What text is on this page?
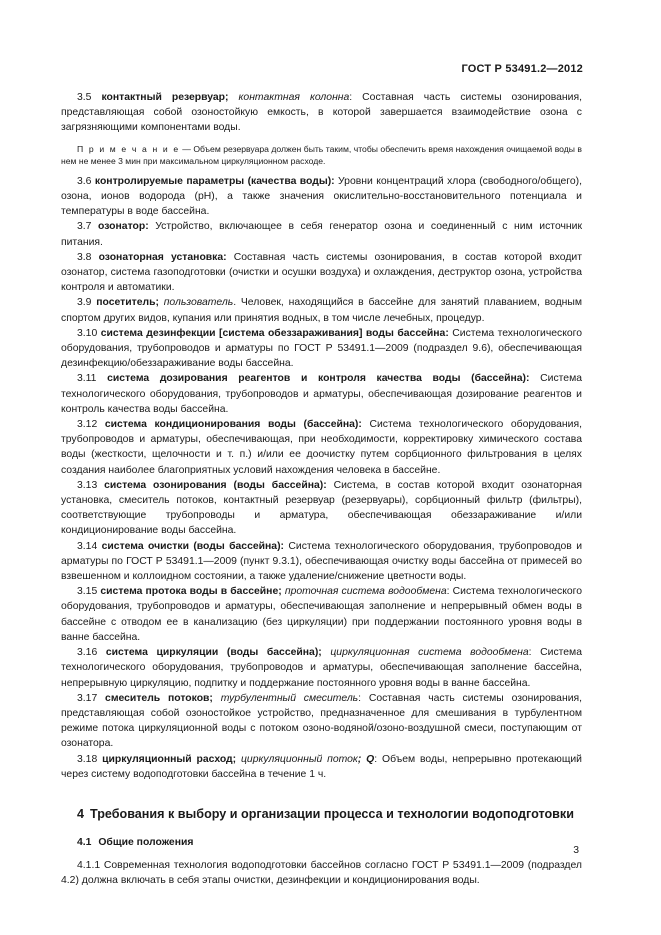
ГОСТ Р 53491.2—2012

3.5 контактный резервуар; контактная колонна: Составная часть системы озонирования, представляющая собой озоностойкую емкость, в которой завершается взаимодействие озона с загрязняющими компонентами воды.

П р и м е ч а н и е — Объем резервуара должен быть таким, чтобы обеспечить время нахождения очищаемой воды в нем не менее 3 мин при максимальном циркуляционном расходе.

3.6 контролируемые параметры (качества воды): Уровни концентраций хлора (свободного/общего), озона, ионов водорода (pH), а также значения окислительно-восстановительного потенциала и температуры в воде бассейна.

3.7 озонатор: Устройство, включающее в себя генератор озона и соединенный с ним источник питания.

3.8 озонаторная установка: Составная часть системы озонирования, в состав которой входит озонатор, система газоподготовки (очистки и осушки воздуха) и охлаждения, деструктор озона, устройства контроля и автоматики.

3.9 посетитель; пользователь. Человек, находящийся в бассейне для занятий плаванием, водным спортом других видов, купания или принятия водных, в том числе лечебных, процедур.

3.10 система дезинфекции [система обеззараживания] воды бассейна: Система технологического оборудования, трубопроводов и арматуры по ГОСТ Р 53491.1—2009 (подраздел 9.6), обеспечивающая дезинфекцию/обеззараживание воды бассейна.

3.11 система дозирования реагентов и контроля качества воды (бассейна): Система технологического оборудования, трубопроводов и арматуры, обеспечивающая дозирование реагентов и контроль качества воды бассейна.

3.12 система кондиционирования воды (бассейна): Система технологического оборудования, трубопроводов и арматуры, обеспечивающая, при необходимости, корректировку химического состава воды (жесткости, щелочности и т. п.) и/или ее доочистку путем сорбционного фильтрования в целях создания наиболее благоприятных условий нахождения человека в бассейне.

3.13 система озонирования (воды бассейна): Система, в состав которой входит озонаторная установка, смеситель потоков, контактный резервуар (резервуары), сорбционный фильтр (фильтры), соответствующие трубопроводы и арматура, обеспечивающая обеззараживание и/или кондиционирование воды бассейна.

3.14 система очистки (воды бассейна): Система технологического оборудования, трубопроводов и арматуры по ГОСТ Р 53491.1—2009 (пункт 9.3.1), обеспечивающая очистку воды бассейна от примесей во взвешенном и коллоидном состоянии, а также удаление/снижение цветности воды.

3.15 система протока воды в бассейне; проточная система водообмена: Система технологического оборудования, трубопроводов и арматуры, обеспечивающая заполнение и непрерывный обмен воды в бассейне с отводом ее в канализацию (без циркуляции) при поддержании постоянного уровня воды в ванне бассейна.

3.16 система циркуляции (воды бассейна); циркуляционная система водообмена: Система технологического оборудования, трубопроводов и арматуры, обеспечивающая заполнение бассейна, непрерывную циркуляцию, подпитку и поддержание постоянного уровня воды в ванне бассейна.

3.17 смеситель потоков; турбулентный смеситель: Составная часть системы озонирования, представляющая собой озоностойкое устройство, предназначенное для смешивания в турбулентном режиме потока циркуляционной воды с потоком озоно-водяной/озоно-воздушной смеси, поступающим от озонатора.

3.18 циркуляционный расход; циркуляционный поток; Q: Объем воды, непрерывно протекающий через систему водоподготовки бассейна в течение 1 ч.

4 Требования к выбору и организации процесса и технологии водоподготовки
4.1 Общие положения

4.1.1 Современная технология водоподготовки бассейнов согласно ГОСТ Р 53491.1—2009 (подраздел 4.2) должна включать в себя этапы очистки, дезинфекции и кондиционирования воды.

3
